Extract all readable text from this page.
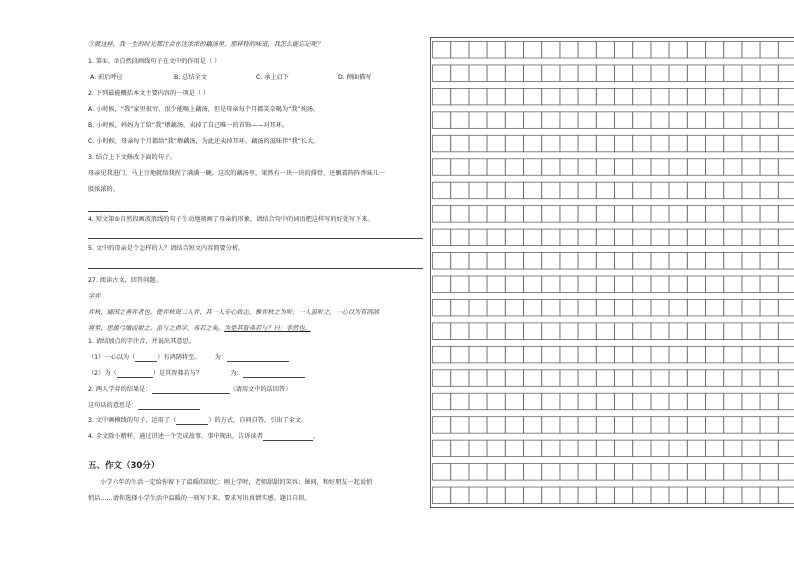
⑤就这样，我一生的时光都注会在这浓浓的藕汤里，那样特的味道，我怎么能忘记呢？
1. 第①、⑦自然段画线句子在文中的作用是（ ）
A. 前后呼应	B. 总结全文	C. 承上启下	D. 侧面描写
2. 下列最能概括本文主要内容的一项是（ ）
A. 小时候，“我”家里很穷，很少能喝上藕汤，但是母亲每个月都笑奈喝为“我”炖汤。
B. 小时候，妈妈为了给“我”煨藕汤，卖掉了自己唯一的首饰——对耳环。
C. 小时候，母亲每个月都给“我”煨藕汤，为此还卖掉耳环，藕汤的滋味伴“我”长大。
3. 结合上下文修改下面的句子。
母亲见我进门，马上豆地就给我捏了满满一碗。这次的藕汤里，果然有一块一块的排骨，还飘着阵阵香味儿一
股浓浓的。
4. 短文第⑤自然段画波浪线的句子生动地刻画了母亲的形象，请结合句中的词语把这样写的好处写下来。
5. 文中的母亲是个怎样的人？请结合短文内容简要分析。
27. 阅读古文，回答问题。
学弈
弈秋，通国之善弈者也。使弈秋诲二人弈，其一人专心致志，惟弈秋之为听；一人虽听之，一心以为有鸿鹄
将至，思援弓缴而射之。虽与之俱学，弗若之矣。为是其智弗若与？曰：非然也。
1. 请结加点的字注音，并说出其意思。
（1）一心以为（	）有鸿鹄将至。 为：
（2）为（	）是其智弗若与？	为：
2. 两人学弈的结果是：	（请用文中的话回答）
这句话的意思是：
3. 文中画横线的句子，运用了（	）的方式，自问自答，引出了全文。
4. 全文除小精样，通过讲述一个完成故事，事中现出，告诉读者	。
五、作文（30分）
小学六年的生活一定给你留下了温暖的回忆：刚上学时，老师甜甜的笑容；课间，和好朋友一起说悄
悄话……请你选择小学生活中温暖的一刻写下来。要求写出真情实感。题目自拟。
